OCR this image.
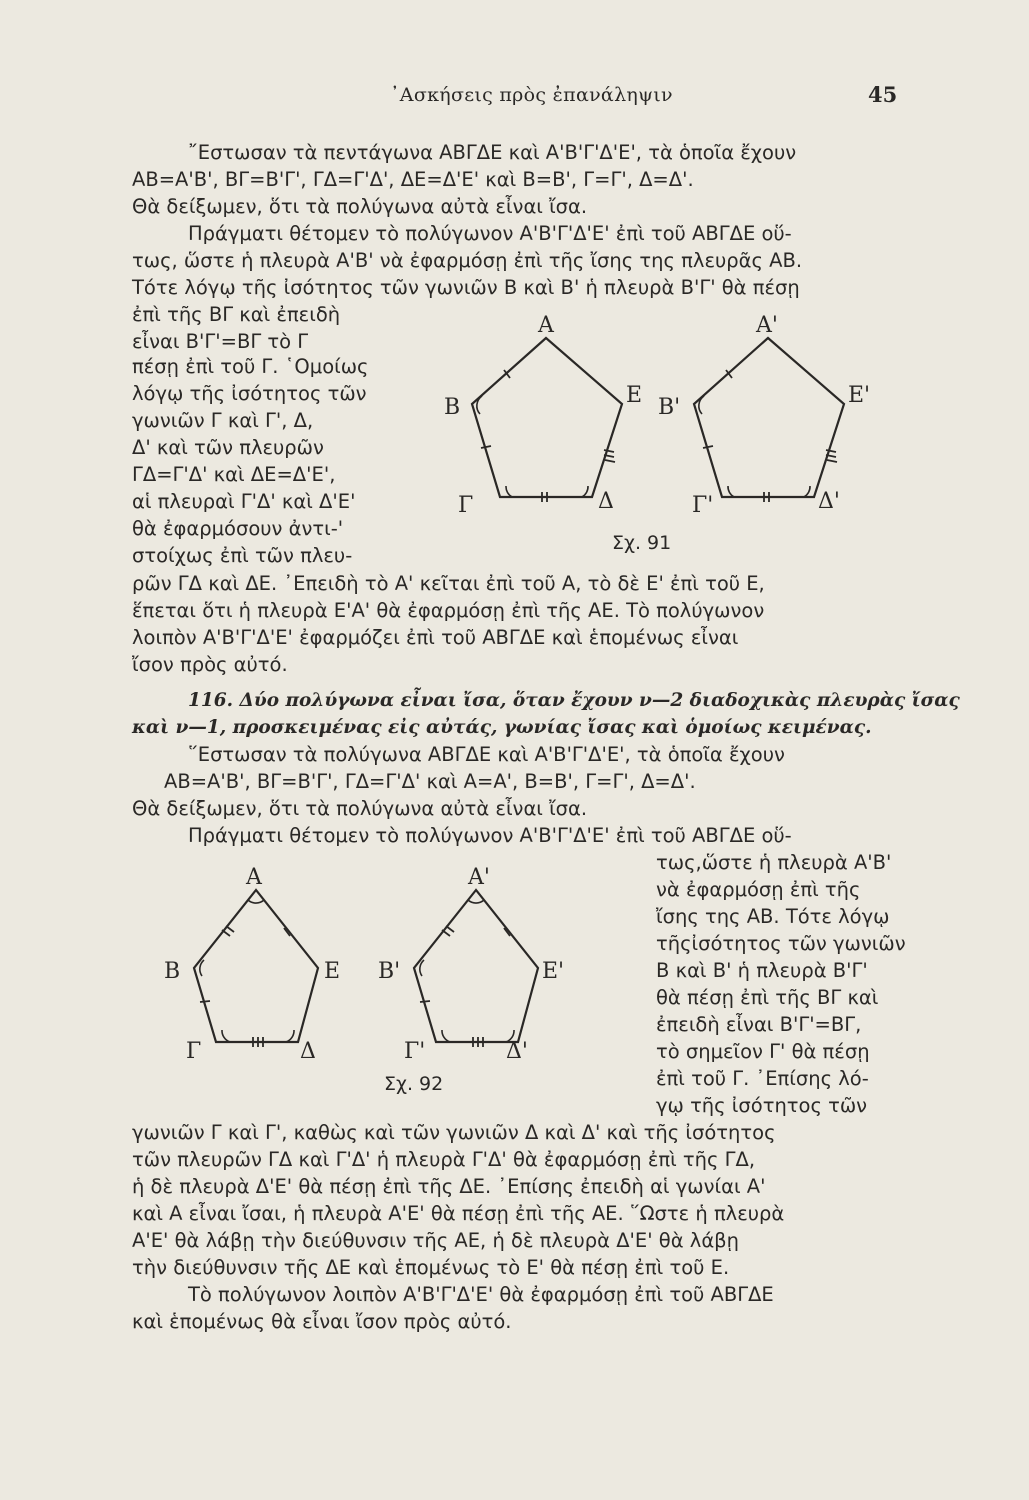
᾿Ασκήσεις πρὸς ἐπανάληψιν	45
῎Εστωσαν τὰ πεντάγωνα ΑΒΓΔΕ καὶ Α'Β'Γ'Δ'Ε', τὰ ὁποῖα ἔχουν
ΑΒ=Α'Β', ΒΓ=Β'Γ', ΓΔ=Γ'Δ', ΔΕ=Δ'Ε' καὶ Β=Β', Γ=Γ', Δ=Δ'.
Θὰ δείξωμεν, ὅτι τὰ πολύγωνα αὐτὰ εἶναι ἴσα.
Πράγματι θέτομεν τὸ πολύγωνον Α'Β'Γ'Δ'Ε' ἐπὶ τοῦ ΑΒΓΔΕ οὕ-
τως, ὥστε ἡ πλευρὰ Α'Β' νὰ ἐφαρμόσῃ ἐπὶ τῆς ἴσης της πλευρᾶς ΑΒ.
Τότε λόγῳ τῆς ἰσότητος τῶν γωνιῶν Β καὶ Β' ἡ πλευρὰ Β'Γ' θὰ πέσῃ
ἐπὶ τῆς ΒΓ καὶ ἐπειδὴ
εἶναι Β'Γ'=ΒΓ τὸ Γ
πέσῃ ἐπὶ τοῦ Γ. ῾Ομοίως
λόγῳ τῆς ἰσότητος τῶν
γωνιῶν Γ καὶ Γ', Δ,
Δ' καὶ τῶν πλευρῶν
ΓΔ=Γ'Δ' καὶ ΔΕ=Δ'Ε',
αἱ πλευραὶ Γ'Δ' καὶ Δ'Ε'
θὰ ἐφαρμόσουν ἀντι-'
στοίχως ἐπὶ τῶν πλευ-
ρῶν ΓΔ καὶ ΔΕ. ᾿Επειδὴ τὸ Α' κεῖται ἐπὶ τοῦ Α, τὸ δὲ Ε' ἐπὶ τοῦ Ε,
ἕπεται ὅτι ἡ πλευρὰ Ε'Α' θὰ ἐφαρμόσῃ ἐπὶ τῆς ΑΕ. Τὸ πολύγωνον
λοιπὸν Α'Β'Γ'Δ'Ε' ἐφαρμόζει ἐπὶ τοῦ ΑΒΓΔΕ καὶ ἑπομένως εἶναι
ἴσον πρὸς αὐτό.
Α
Β
Γ	Δ
Ε
Α'
Β'
Γ'	Δ'
Ε'
Σχ. 91
116. Δύο πολύγωνα εἶναι ἴσα, ὅταν ἔχουν ν—2 διαδοχικὰς πλευρὰς ἴσας
καὶ ν—1, προσκειμένας εἰς αὐτάς, γωνίας ἴσας καὶ ὁμοίως κειμένας.
῞Εστωσαν τὰ πολύγωνα ΑΒΓΔΕ καὶ Α'Β'Γ'Δ'Ε', τὰ ὁποῖα ἔχουν
ΑΒ=Α'Β', ΒΓ=Β'Γ', ΓΔ=Γ'Δ' καὶ Α=Α', Β=Β', Γ=Γ', Δ=Δ'.
Θὰ δείξωμεν, ὅτι τὰ πολύγωνα αὐτὰ εἶναι ἴσα.
Πράγματι θέτομεν τὸ πολύγωνον Α'Β'Γ'Δ'Ε' ἐπὶ τοῦ ΑΒΓΔΕ οὕ-
τως,ὥστε ἡ πλευρὰ Α'Β'
νὰ ἐφαρμόσῃ ἐπὶ τῆς
ἴσης της ΑΒ. Τότε λόγῳ
τῆςἰσότητος τῶν γωνιῶν
Β καὶ Β' ἡ πλευρὰ Β'Γ'
θὰ πέσῃ ἐπὶ τῆς ΒΓ καὶ
ἐπειδὴ εἶναι Β'Γ'=ΒΓ,
τὸ σημεῖον Γ' θὰ πέσῃ
ἐπὶ τοῦ Γ. ᾿Επίσης λό-
γῳ τῆς ἰσότητος τῶν
γωνιῶν Γ καὶ Γ', καθὼς καὶ τῶν γωνιῶν Δ καὶ Δ' καὶ τῆς ἰσότητος
τῶν πλευρῶν ΓΔ καὶ Γ'Δ' ἡ πλευρὰ Γ'Δ' θὰ ἐφαρμόσῃ ἐπὶ τῆς ΓΔ,
ἡ δὲ πλευρὰ Δ'Ε' θὰ πέσῃ ἐπὶ τῆς ΔΕ. ᾿Επίσης ἐπειδὴ αἱ γωνίαι Α'
καὶ Α εἶναι ἴσαι, ἡ πλευρὰ Α'Ε' θὰ πέσῃ ἐπὶ τῆς ΑΕ. ῞Ωστε ἡ πλευρὰ
Α'Ε' θὰ λάβῃ τὴν διεύθυνσιν τῆς ΑΕ, ἡ δὲ πλευρὰ Δ'Ε' θὰ λάβῃ
τὴν διεύθυνσιν τῆς ΔΕ καὶ ἑπομένως τὸ Ε' θὰ πέσῃ ἐπὶ τοῦ Ε.
Τὸ πολύγωνον λοιπὸν Α'Β'Γ'Δ'Ε' θὰ ἐφαρμόσῃ ἐπὶ τοῦ ΑΒΓΔΕ
καὶ ἑπομένως θὰ εἶναι ἴσον πρὸς αὐτό.
Α
Β
Γ	Δ
Ε
Α'
Β'
Γ'	Δ'
Ε'
Σχ. 92
